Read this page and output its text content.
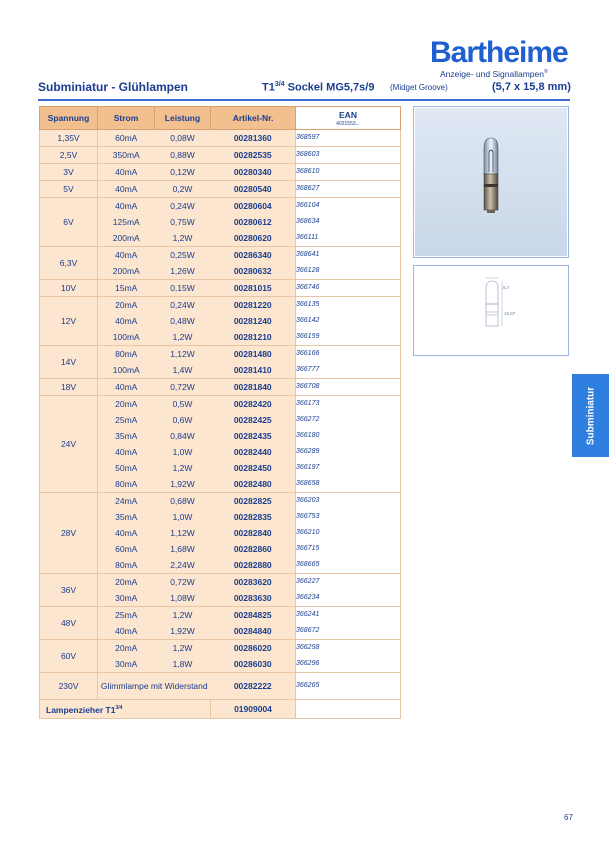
Bartheime
Anzeige- und Signallampen®
Subminiatur - Glühlampen	$T1^{3/4}$ Sockel MG5,7s/9 (Midget Groove)	(5,7 x 15,8 mm)
Spannung	Strom	Leistung	Artikel-Nr.	EAN
4021553...

1,35V	60mA	0,08W	00281360	368597
2,5V	350mA	0,88W	00282535	368603
3V	40mA	0,12W	00280340	368610
5V	40mA	0,2W	00280540	368627
6V	40mA	0,24W	00280604	366104
	125mA	0,75W	00280612	368634
	200mA	1,2W	00280620	366111
6,3V	40mA	0,25W	00286340	368641
	200mA	1,26W	00280632	366128
10V	15mA	0,15W	00281015	366746
12V	20mA	0,24W	00281220	366135
	40mA	0,48W	00281240	366142
	100mA	1,2W	00281210	366159
14V	80mA	1,12W	00281480	366166
	100mA	1,4W	00281410	366777
18V	40mA	0,72W	00281840	366708
24V	20mA	0,5W	00282420	366173
	25mA	0,6W	00282425	366272
	35mA	0,84W	00282435	366180
	40mA	1,0W	00282440	366289
	50mA	1,2W	00282450	366197
	80mA	1,92W	00282480	368658
28V	24mA	0,68W	00282825	366203
	35mA	1,0W	00282835	366753
	40mA	1,12W	00282840	366210
	60mA	1,68W	00282860	366715
	80mA	2,24W	00282880	368665
36V	20mA	0,72W	00283620	366227
	30mA	1,08W	00283630	366234
48V	25mA	1,2W	00284825	366241
	40mA	1,92W	00284840	368672
60V	20mA	1,2W	00286020	366258
	30mA	1,8W	00286030	366296
230V	Glimmlampe mit Widerstand		00282222	366265
Lampenzieher $T1^{3/4}$			01909004	
5,7
15,87
Subminiatur
67
